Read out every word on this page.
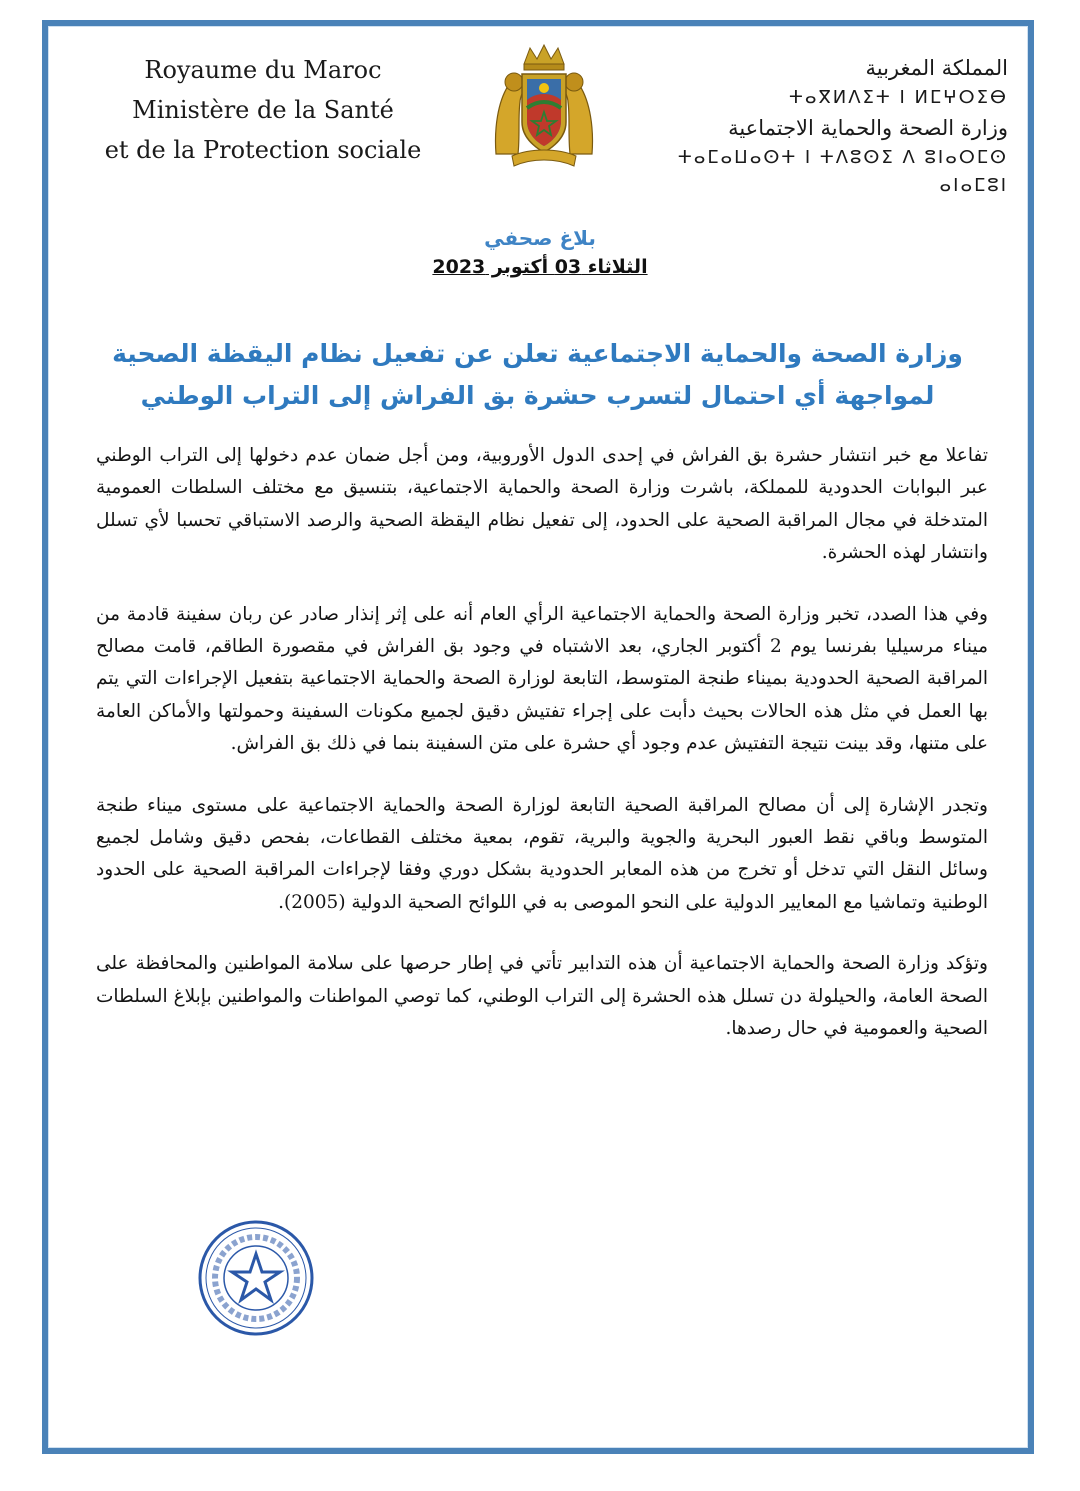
Royaume du Maroc
Ministère de la Santé
et de la Protection sociale
المملكة المغربية
ⵜⴰⴳⵍⴷⵉⵜ ⵏ ⵍⵎⵖⵔⵉⴱ
وزارة الصحة والحماية الاجتماعية
ⵜⴰⵎⴰⵡⴰⵙⵜ ⵏ ⵜⴷⵓⵙⵉ ⴷ ⵓⵏⴰⵔⵎⵙ ⴰⵏⴰⵎⵓⵏ
بلاغ صحفي
الثلاثاء 03 أكتوبر 2023
وزارة الصحة والحماية الاجتماعية تعلن عن تفعيل نظام اليقظة الصحية
لمواجهة أي احتمال لتسرب حشرة بق الفراش إلى التراب الوطني

تفاعلا مع خبر انتشار حشرة بق الفراش في إحدى الدول الأوروبية، ومن أجل ضمان عدم دخولها إلى التراب الوطني عبر البوابات الحدودية للمملكة، باشرت وزارة الصحة والحماية الاجتماعية، بتنسيق مع مختلف السلطات العمومية المتدخلة في مجال المراقبة الصحية على الحدود، إلى تفعيل نظام اليقظة الصحية والرصد الاستباقي تحسبا لأي تسلل وانتشار لهذه الحشرة.

وفي هذا الصدد، تخبر وزارة الصحة والحماية الاجتماعية الرأي العام أنه على إثر إنذار صادر عن ربان سفينة قادمة من ميناء مرسيليا بفرنسا يوم 2 أكتوبر الجاري، بعد الاشتباه في وجود بق الفراش في مقصورة الطاقم، قامت مصالح المراقبة الصحية الحدودية بميناء طنجة المتوسط، التابعة لوزارة الصحة والحماية الاجتماعية بتفعيل الإجراءات التي يتم بها العمل في مثل هذه الحالات بحيث دأبت على إجراء تفتيش دقيق لجميع مكونات السفينة وحمولتها والأماكن العامة على متنها، وقد بينت نتيجة التفتيش عدم وجود أي حشرة على متن السفينة بنما في ذلك بق الفراش.

وتجدر الإشارة إلى أن مصالح المراقبة الصحية التابعة لوزارة الصحة والحماية الاجتماعية على مستوى ميناء طنجة المتوسط وباقي نقط العبور البحرية والجوية والبرية، تقوم، بمعية مختلف القطاعات، بفحص دقيق وشامل لجميع وسائل النقل التي تدخل أو تخرج من هذه المعابر الحدودية بشكل دوري وفقا لإجراءات المراقبة الصحية على الحدود الوطنية وتماشيا مع المعايير الدولية على النحو الموصى به في اللوائح الصحية الدولية (2005).

وتؤكد وزارة الصحة والحماية الاجتماعية أن هذه التدابير تأتي في إطار حرصها على سلامة المواطنين والمحافظة على الصحة العامة، والحيلولة دن تسلل هذه الحشرة إلى التراب الوطني، كما توصي المواطنات والمواطنين بإبلاغ السلطات الصحية والعمومية في حال رصدها.
